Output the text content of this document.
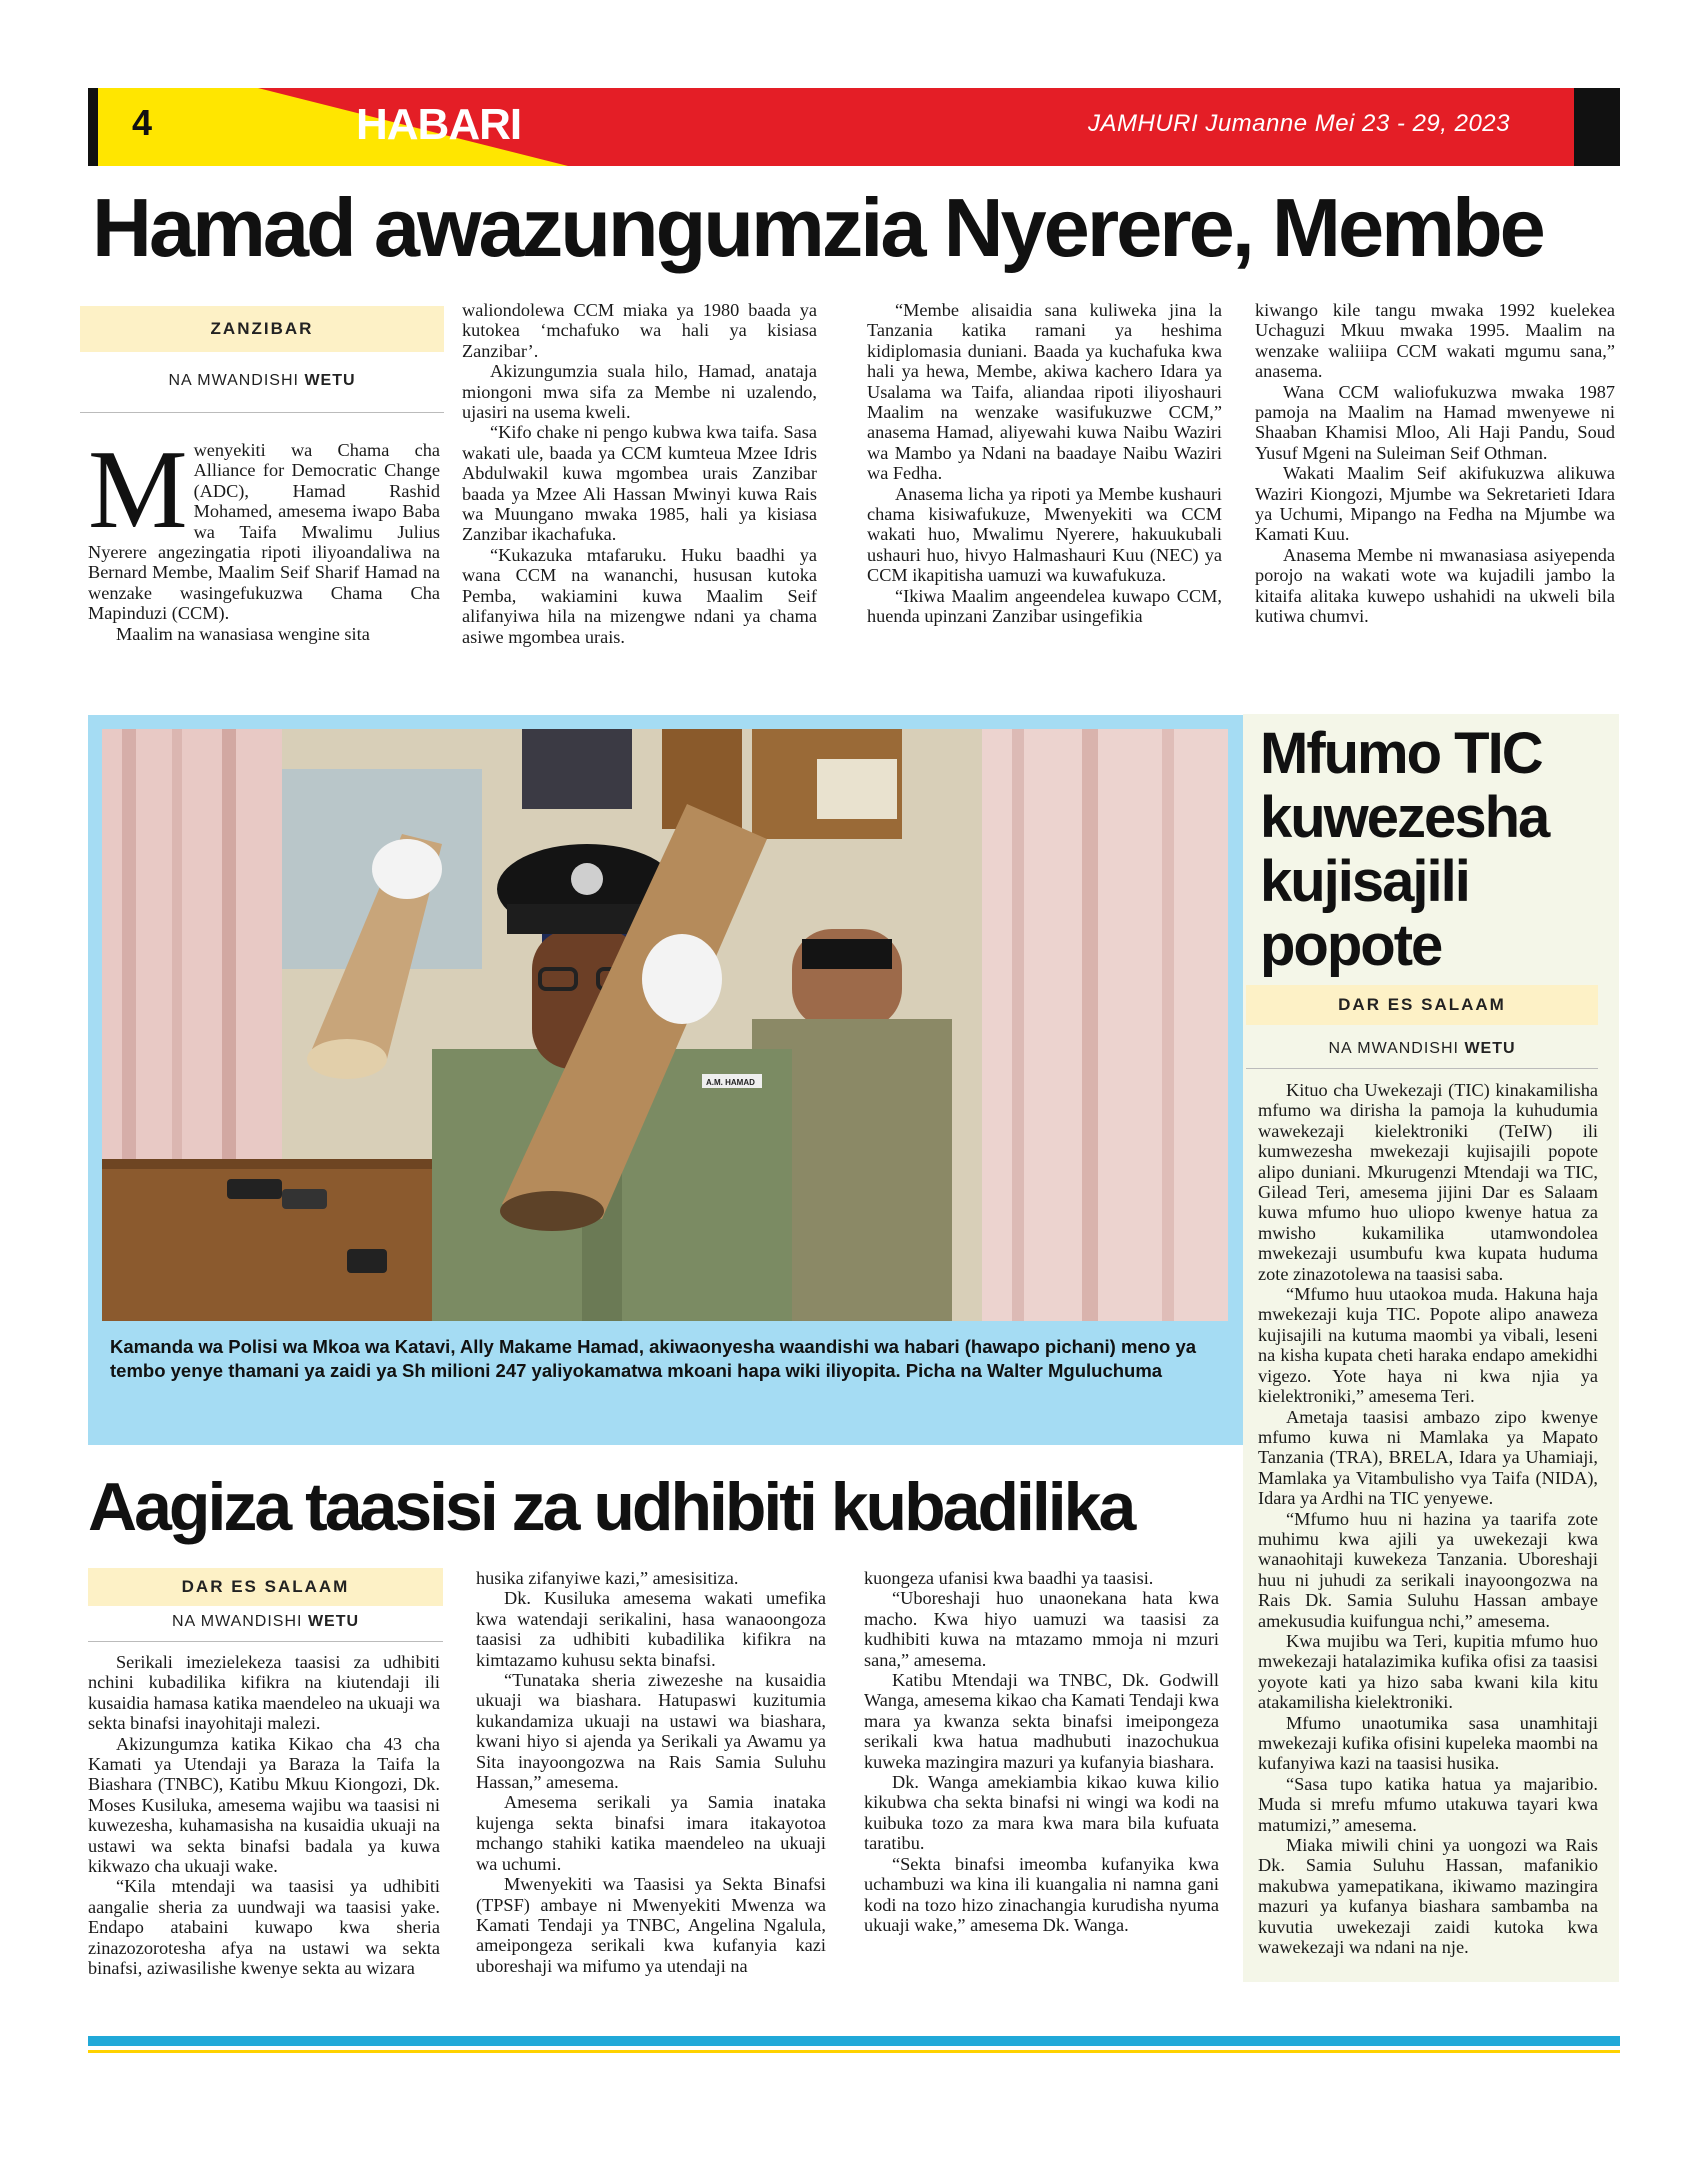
4	HABARI	JAMHURI Jumanne Mei 23 - 29, 2023
Hamad awazungumzia Nyerere, Membe
ZANZIBAR
NA MWANDISHI WETU
M wenyekiti wa Chama cha Alliance for Democratic Change (ADC), Hamad Rashid Mohamed, amesema iwapo Baba wa Taifa Mwalimu Julius Nyerere angezingatia ripoti iliyoandaliwa na Bernard Membe, Maalim Seif Sharif Hamad na wenzake wasingefukuzwa Chama Cha Mapinduzi (CCM).

Maalim na wanasiasa wengine sita

waliondolewa CCM miaka ya 1980 baada ya kutokea ‘mchafuko wa hali ya kisiasa Zanzibar’.

Akizungumzia suala hilo, Hamad, anataja miongoni mwa sifa za Membe ni uzalendo, ujasiri na usema kweli.

“Kifo chake ni pengo kubwa kwa taifa. Sasa wakati ule, baada ya CCM kumteua Mzee Idris Abdulwakil kuwa mgombea urais Zanzibar baada ya Mzee Ali Hassan Mwinyi kuwa Rais wa Muungano mwaka 1985, hali ya kisiasa Zanzibar ikachafuka.

“Kukazuka mtafaruku. Huku baadhi ya wana CCM na wananchi, hususan kutoka Pemba, wakiamini kuwa Maalim Seif alifanyiwa hila na mizengwe ndani ya chama asiwe mgombea urais.

“Membe alisaidia sana kuliweka jina la Tanzania katika ramani ya heshima kidiplomasia duniani. Baada ya kuchafuka kwa hali ya hewa, Membe, akiwa kachero Idara ya Usalama wa Taifa, aliandaa ripoti iliyoshauri Maalim na wenzake wasifukuzwe CCM,” anasema Hamad, aliyewahi kuwa Naibu Waziri wa Mambo ya Ndani na baadaye Naibu Waziri wa Fedha.

Anasema licha ya ripoti ya Membe kushauri chama kisiwafukuze, Mwenyekiti wa CCM wakati huo, Mwalimu Nyerere, hakuukubali ushauri huo, hivyo Halmashauri Kuu (NEC) ya CCM ikapitisha uamuzi wa kuwafukuza.

“Ikiwa Maalim angeendelea kuwapo CCM, huenda upinzani Zanzibar usingefikia

kiwango kile tangu mwaka 1992 kuelekea Uchaguzi Mkuu mwaka 1995. Maalim na wenzake waliiipa CCM wakati mgumu sana,” anasema.

Wana CCM waliofukuzwa mwaka 1987 pamoja na Maalim na Hamad mwenyewe ni Shaaban Khamisi Mloo, Ali Haji Pandu, Soud Yusuf Mgeni na Suleiman Seif Othman.

Wakati Maalim Seif akifukuzwa alikuwa Waziri Kiongozi, Mjumbe wa Sekretarieti Idara ya Uchumi, Mipango na Fedha na Mjumbe wa Kamati Kuu.

Anasema Membe ni mwanasiasa asiyependa porojo na wakati wote wa kujadili jambo la kitaifa alitaka kuwepo ushahidi na ukweli bila kutiwa chumvi.

A.M. HAMAD
Kamanda wa Polisi wa Mkoa wa Katavi, Ally Makame Hamad, akiwaonyesha waandishi wa habari (hawapo pichani) meno ya tembo yenye thamani ya zaidi ya Sh milioni 247 yaliyokamatwa mkoani hapa wiki iliyopita. Picha na Walter Mguluchuma
Aagiza taasisi za udhibiti kubadilika
DAR ES SALAAM
NA MWANDISHI WETU

Serikali imezielekeza taasisi za udhibiti nchini kubadilika kifikra na kiutendaji ili kusaidia hamasa katika maendeleo na ukuaji wa sekta binafsi inayohitaji malezi.

Akizungumza katika Kikao cha 43 cha Kamati ya Utendaji ya Baraza la Taifa la Biashara (TNBC), Katibu Mkuu Kiongozi, Dk. Moses Kusiluka, amesema wajibu wa taasisi ni kuwezesha, kuhamasisha na kusaidia ukuaji na ustawi wa sekta binafsi badala ya kuwa kikwazo cha ukuaji wake.

“Kila mtendaji wa taasisi ya udhibiti aangalie sheria za uundwaji wa taasisi yake. Endapo atabaini kuwapo kwa sheria zinazozorotesha afya na ustawi wa sekta binafsi, aziwasilishe kwenye sekta au wizara

husika zifanyiwe kazi,” amesisitiza.

Dk. Kusiluka amesema wakati umefika kwa watendaji serikalini, hasa wanaoongoza taasisi za udhibiti kubadilika kifikra na kimtazamo kuhusu sekta binafsi.

“Tunataka sheria ziwezeshe na kusaidia ukuaji wa biashara. Hatupaswi kuzitumia kukandamiza ukuaji na ustawi wa biashara, kwani hiyo si ajenda ya Serikali ya Awamu ya Sita inayoongozwa na Rais Samia Suluhu Hassan,” amesema.

Amesema serikali ya Samia inataka kujenga sekta binafsi imara itakayotoa mchango stahiki katika maendeleo na ukuaji wa uchumi.

Mwenyekiti wa Taasisi ya Sekta Binafsi (TPSF) ambaye ni Mwenyekiti Mwenza wa Kamati Tendaji ya TNBC, Angelina Ngalula, ameipongeza serikali kwa kufanyia kazi uboreshaji wa mifumo ya utendaji na

kuongeza ufanisi kwa baadhi ya taasisi.

“Uboreshaji huo unaonekana hata kwa macho. Kwa hiyo uamuzi wa taasisi za kudhibiti kuwa na mtazamo mmoja ni mzuri sana,” amesema.

Katibu Mtendaji wa TNBC, Dk. Godwill Wanga, amesema kikao cha Kamati Tendaji kwa mara ya kwanza sekta binafsi imeipongeza serikali kwa hatua madhubuti inazochukua kuweka mazingira mazuri ya kufanyia biashara.

Dk. Wanga amekiambia kikao kuwa kilio kikubwa cha sekta binafsi ni wingi wa kodi na kuibuka tozo za mara kwa mara bila kufuata taratibu.

“Sekta binafsi imeomba kufanyika kwa uchambuzi wa kina ili kuangalia ni namna gani kodi na tozo hizo zinachangia kurudisha nyuma ukuaji wake,” amesema Dk. Wanga.

Mfumo TIC kuwezesha kujisajili popote
DAR ES SALAAM
NA MWANDISHI WETU

Kituo cha Uwekezaji (TIC) kinakamilisha mfumo wa dirisha la pamoja la kuhudumia wawekezaji kielektroniki (TeIW) ili kumwezesha mwekezaji kujisajili popote alipo duniani. Mkurugenzi Mtendaji wa TIC, Gilead Teri, amesema jijini Dar es Salaam kuwa mfumo huo uliopo kwenye hatua za mwisho kukamilika utamwondolea mwekezaji usumbufu kwa kupata huduma zote zinazotolewa na taasisi saba.

“Mfumo huu utaokoa muda. Hakuna haja mwekezaji kuja TIC. Popote alipo anaweza kujisajili na kutuma maombi ya vibali, leseni na kisha kupata cheti haraka endapo amekidhi vigezo. Yote haya ni kwa njia ya kielektroniki,” amesema Teri.

Ametaja taasisi ambazo zipo kwenye mfumo kuwa ni Mamlaka ya Mapato Tanzania (TRA), BRELA, Idara ya Uhamiaji, Mamlaka ya Vitambulisho vya Taifa (NIDA), Idara ya Ardhi na TIC yenyewe.

“Mfumo huu ni hazina ya taarifa zote muhimu kwa ajili ya uwekezaji kwa wanaohitaji kuwekeza Tanzania. Uboreshaji huu ni juhudi za serikali inayoongozwa na Rais Dk. Samia Suluhu Hassan ambaye amekusudia kuifungua nchi,” amesema.

Kwa mujibu wa Teri, kupitia mfumo huo mwekezaji hatalazimika kufika ofisi za taasisi yoyote kati ya hizo saba kwani kila kitu atakamilisha kielektroniki.

Mfumo unaotumika sasa unamhitaji mwekezaji kufika ofisini kupeleka maombi na kufanyiwa kazi na taasisi husika.

“Sasa tupo katika hatua ya majaribio. Muda si mrefu mfumo utakuwa tayari kwa matumizi,” amesema.

Miaka miwili chini ya uongozi wa Rais Dk. Samia Suluhu Hassan, mafanikio makubwa yamepatikana, ikiwamo mazingira mazuri ya kufanya biashara sambamba na kuvutia uwekezaji zaidi kutoka kwa wawekezaji wa ndani na nje.
